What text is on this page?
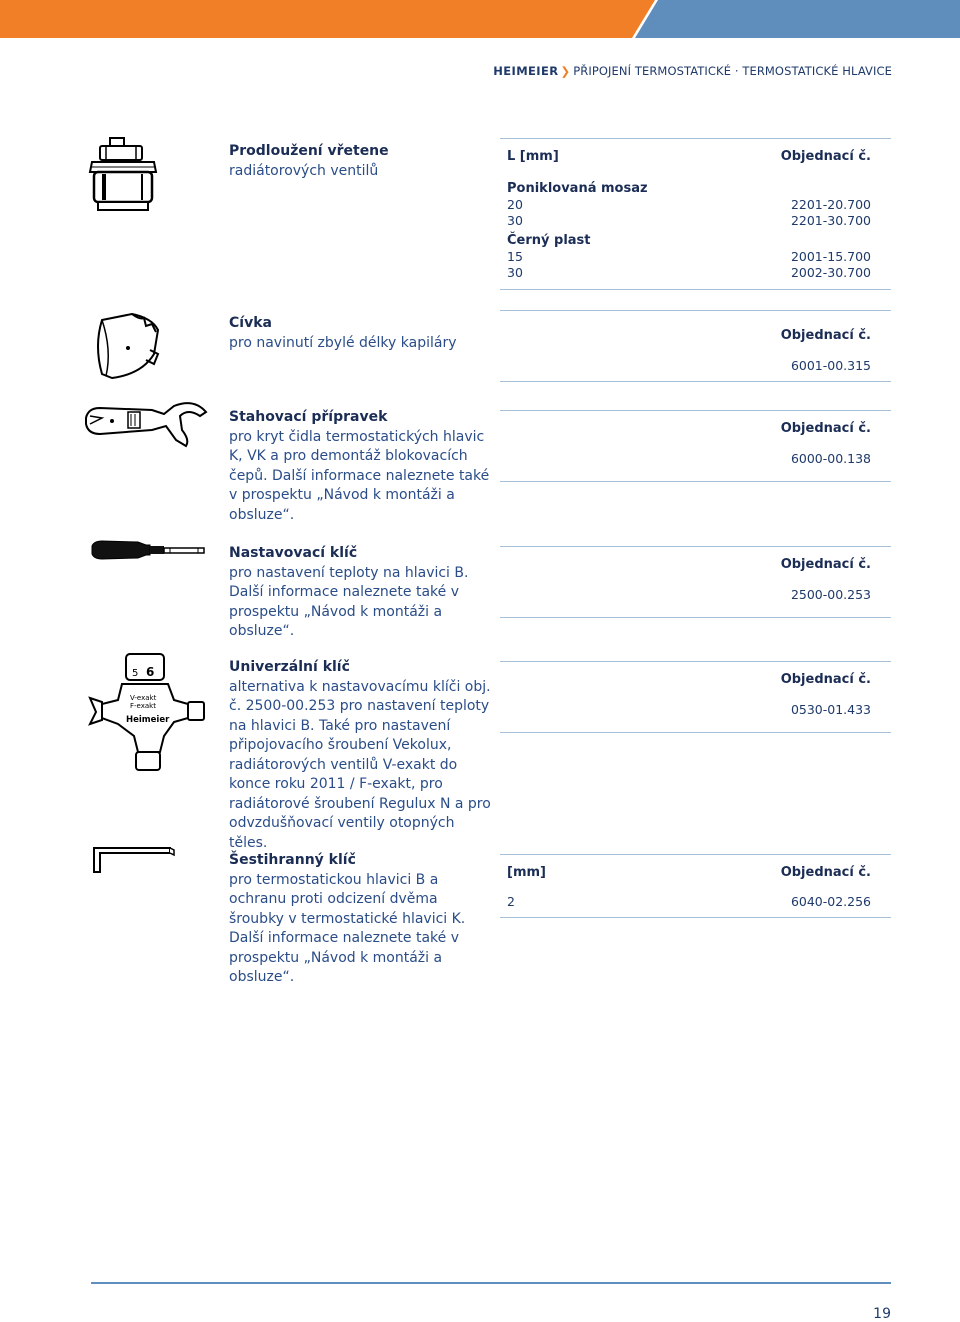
HEIMEIER ❯ PŘIPOJENÍ TERMOSTATICKÉ · TERMOSTATICKÉ HLAVICE
Prodloužení vřetene
radiátorových ventilů
L [mm]	Objednací č.
Poniklovaná mosaz
20	2201-20.700
30	2201-30.700
Černý plast
15	2001-15.700
30	2002-30.700
Cívka
pro navinutí zbylé délky kapiláry	Objednací č.
6001-00.315
Stahovací přípravek
pro kryt čidla termostatických hlavic K, VK a pro demontáž blokovacích čepů. Další informace naleznete také v prospektu „Návod k montáži a obsluze“.
Objednací č.
6000-00.138
Nastavovací klíč
pro nastavení teploty na hlavici B. Další informace naleznete také v prospektu „Návod k montáži a obsluze“.
Objednací č.
2500-00.253
5 6
V-exakt
F-exakt
Heimeier
Univerzální klíč
alternativa k nastavovacímu klíči obj. č. 2500-00.253 pro nastavení teploty na hlavici B. Také pro nastavení připojovacího šroubení Vekolux, radiátorových ventilů V-exakt do konce roku 2011 / F-exakt, pro radiátorové šroubení Regulux N a pro odvzdušňovací ventily otopných těles.
Objednací č.
0530-01.433
Šestihranný klíč
pro termostatickou hlavici B a ochranu proti odcizení dvěma šroubky v termostatické hlavici K. Další informace naleznete také v prospektu „Návod k montáži a obsluze“.
[mm]	Objednací č.
2	6040-02.256
19
